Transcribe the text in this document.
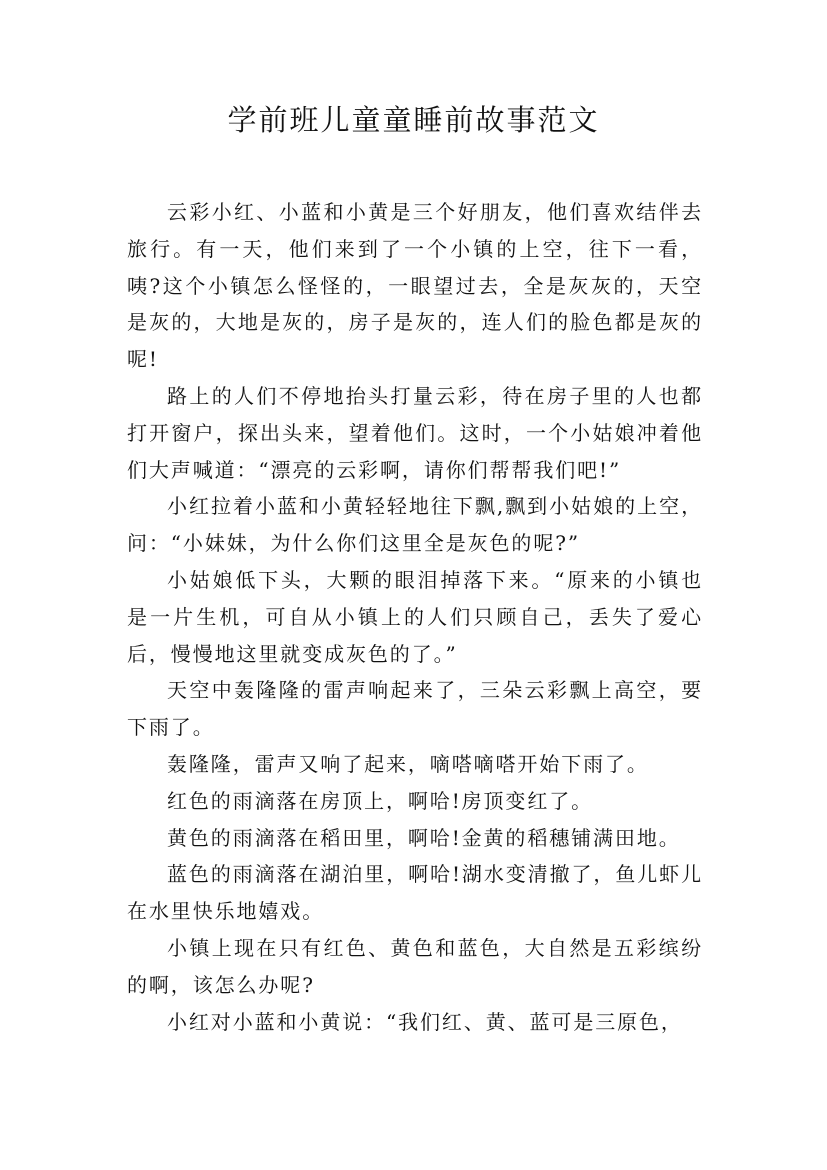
学前班儿童童睡前故事范文

云彩小红、小蓝和小黄是三个好朋友，他们喜欢结伴去旅行。有一天，他们来到了一个小镇的上空，往下一看，咦?这个小镇怎么怪怪的，一眼望过去，全是灰灰的，天空是灰的，大地是灰的，房子是灰的，连人们的脸色都是灰的呢!

路上的人们不停地抬头打量云彩，待在房子里的人也都打开窗户，探出头来，望着他们。这时，一个小姑娘冲着他们大声喊道：“漂亮的云彩啊，请你们帮帮我们吧!”

小红拉着小蓝和小黄轻轻地往下飘,飘到小姑娘的上空，问：“小妹妹，为什么你们这里全是灰色的呢?”

小姑娘低下头，大颗的眼泪掉落下来。“原来的小镇也是一片生机，可自从小镇上的人们只顾自己，丢失了爱心后，慢慢地这里就变成灰色的了。”

天空中轰隆隆的雷声响起来了，三朵云彩飘上高空，要下雨了。

轰隆隆，雷声又响了起来，嘀嗒嘀嗒开始下雨了。

红色的雨滴落在房顶上，啊哈!房顶变红了。

黄色的雨滴落在稻田里，啊哈!金黄的稻穗铺满田地。

蓝色的雨滴落在湖泊里，啊哈!湖水变清撤了，鱼儿虾儿在水里快乐地嬉戏。

小镇上现在只有红色、黄色和蓝色，大自然是五彩缤纷的啊，该怎么办呢?

小红对小蓝和小黄说：“我们红、黄、蓝可是三原色，
